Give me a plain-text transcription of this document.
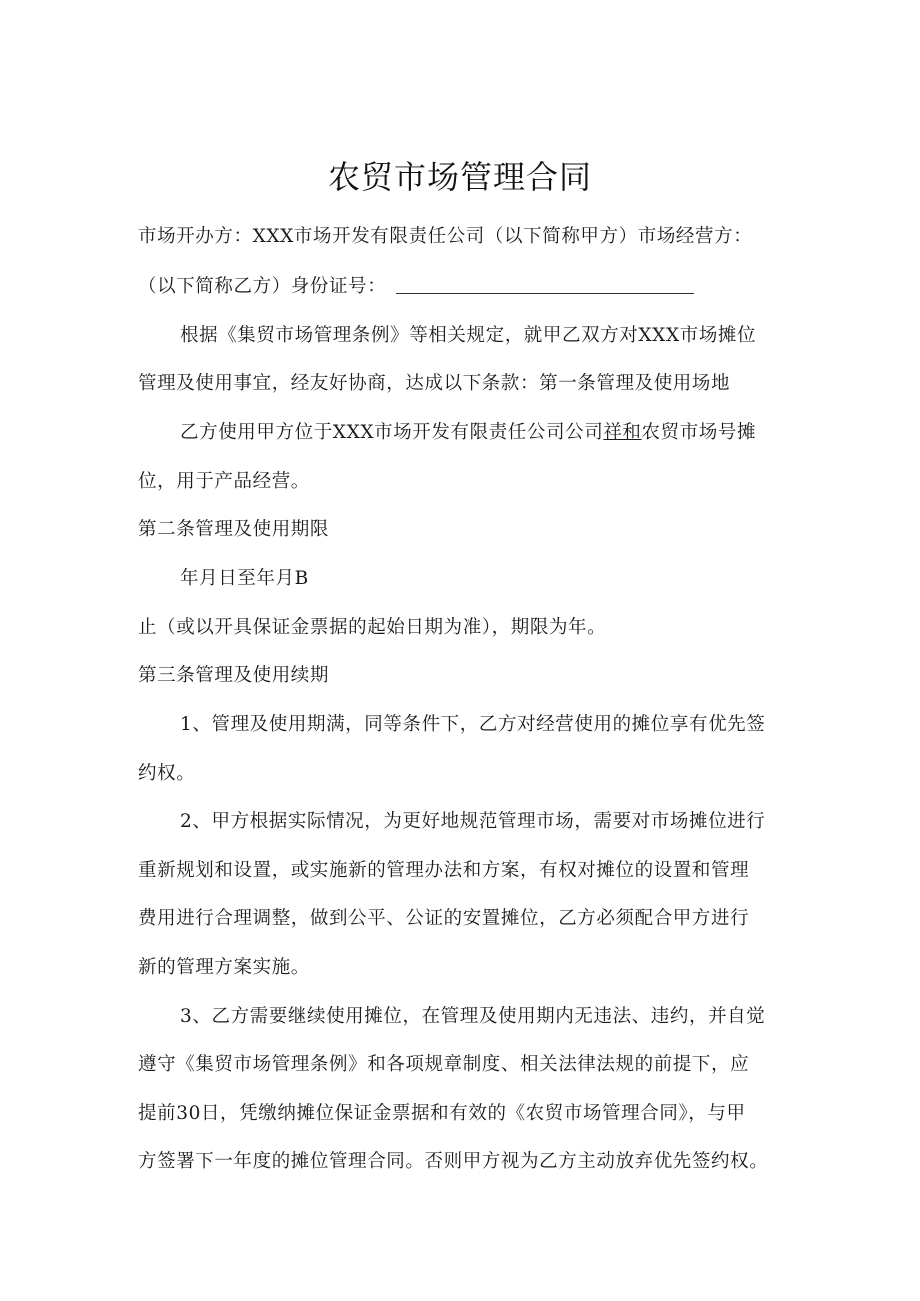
农贸市场管理合同
市场开办方：XXX市场开发有限责任公司（以下简称甲方）市场经营方：
（以下简称乙方）身份证号：
根据《集贸市场管理条例》等相关规定，就甲乙双方对XXX市场摊位
管理及使用事宜，经友好协商，达成以下条款：第一条管理及使用场地
乙方使用甲方位于XXX市场开发有限责任公司公司祥和农贸市场号摊
位，用于产品经营。
第二条管理及使用期限
年月日至年月B
止（或以开具保证金票据的起始日期为准），期限为年。
第三条管理及使用续期
1、管理及使用期满，同等条件下，乙方对经营使用的摊位享有优先签
约权。
2、甲方根据实际情况，为更好地规范管理市场，需要对市场摊位进行
重新规划和设置，或实施新的管理办法和方案，有权对摊位的设置和管理
费用进行合理调整，做到公平、公证的安置摊位，乙方必须配合甲方进行
新的管理方案实施。
3、乙方需要继续使用摊位，在管理及使用期内无违法、违约，并自觉
遵守《集贸市场管理条例》和各项规章制度、相关法律法规的前提下，应
提前30日，凭缴纳摊位保证金票据和有效的《农贸市场管理合同》，与甲
方签署下一年度的摊位管理合同。否则甲方视为乙方主动放弃优先签约权。
